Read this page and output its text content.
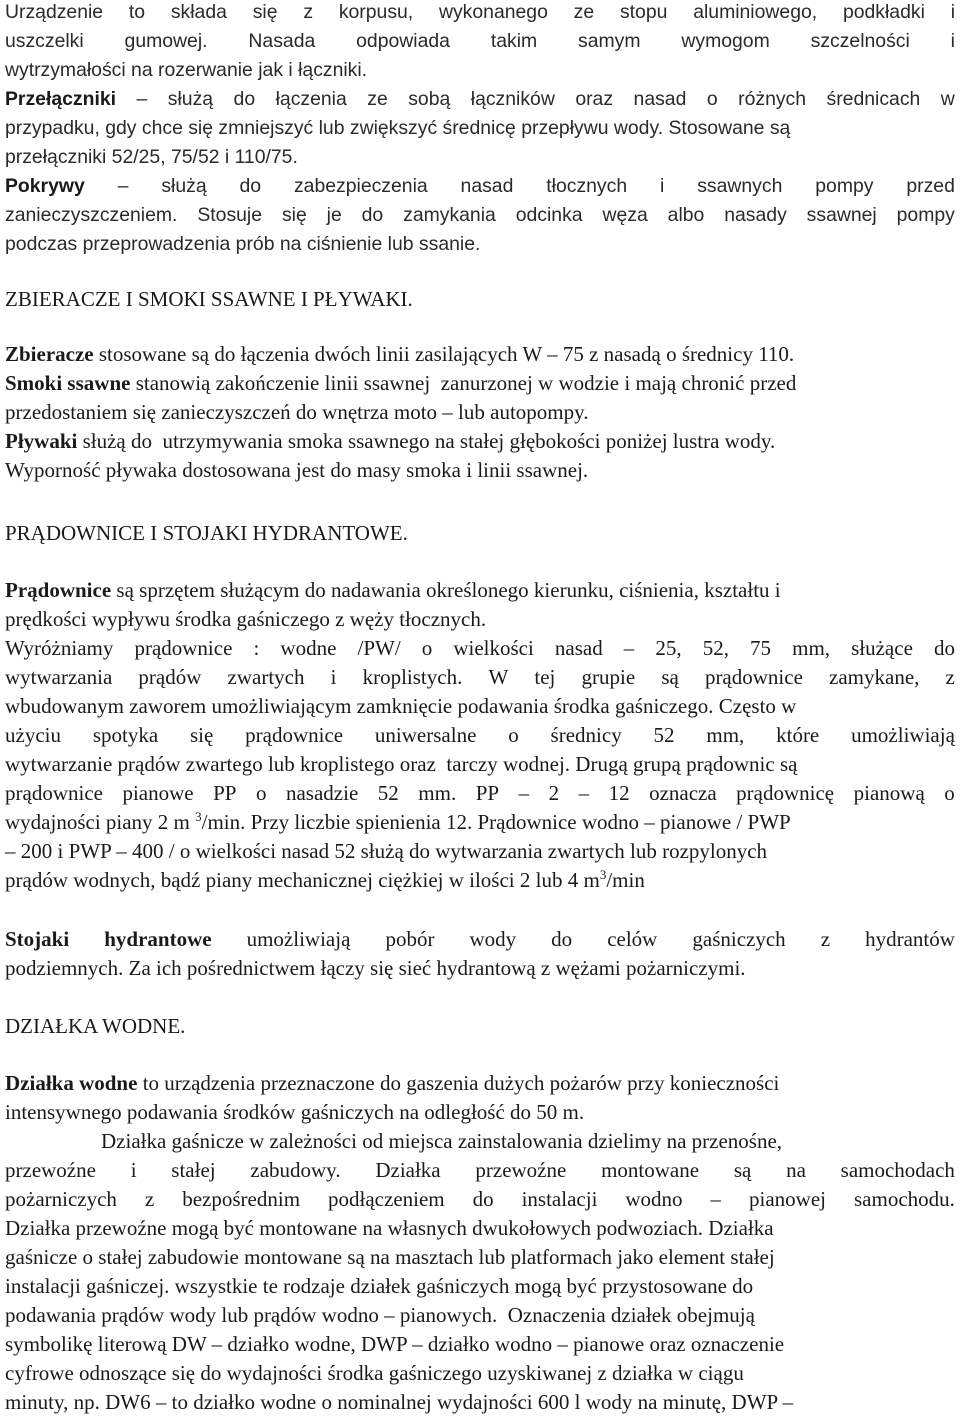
Urządzenie to składa się z korpusu, wykonanego ze stopu aluminiowego, podkładki i
uszczelki gumowej. Nasada odpowiada takim samym wymogom szczelności i
wytrzymałości na rozerwanie jak i łączniki.
Przełączniki – służą do łączenia ze sobą łączników oraz nasad o różnych średnicach w
przypadku, gdy chce się zmniejszyć lub zwiększyć średnicę przepływu wody. Stosowane są
przełączniki 52/25, 75/52 i 110/75.
Pokrywy – służą do zabezpieczenia nasad tłocznych i ssawnych pompy przed
zanieczyszczeniem. Stosuje się je do zamykania odcinka węza albo nasady ssawnej pompy
podczas przeprowadzenia prób na ciśnienie lub ssanie.
ZBIERACZE I SMOKI SSAWNE I PŁYWAKI.
Zbieracze stosowane są do łączenia dwóch linii zasilających W – 75 z nasadą o średnicy 110.
Smoki ssawne stanowią zakończenie linii ssawnej  zanurzonej w wodzie i mają chronić przed
przedostaniem się zanieczyszczeń do wnętrza moto – lub autopompy.
Pływaki służą do  utrzymywania smoka ssawnego na stałej głębokości poniżej lustra wody.
Wyporność pływaka dostosowana jest do masy smoka i linii ssawnej.
PRĄDOWNICE I STOJAKI HYDRANTOWE.
Prądownice są sprzętem służącym do nadawania określonego kierunku, ciśnienia, kształtu i
prędkości wypływu środka gaśniczego z węży tłocznych.
Wyróżniamy prądownice : wodne /PW/ o wielkości nasad – 25, 52, 75 mm, służące do
wytwarzania prądów zwartych i kroplistych. W tej grupie są prądownice zamykane, z
wbudowanym zaworem umożliwiającym zamknięcie podawania środka gaśniczego. Często w
użyciu spotyka się prądownice uniwersalne o średnicy 52 mm, które umożliwiają
wytwarzanie prądów zwartego lub kroplistego oraz  tarczy wodnej. Drugą grupą prądownic są
prądownice pianowe PP o nasadzie 52 mm. PP – 2 – 12 oznacza prądownicę pianową o
wydajności piany 2 m $^3$/min. Przy liczbie spienienia 12. Prądownice wodno – pianowe / PWP
– 200 i PWP – 400 / o wielkości nasad 52 służą do wytwarzania zwartych lub rozpylonych
prądów wodnych, bądź piany mechanicznej ciężkiej w ilości 2 lub 4 $m^3/\min$
Stojaki hydrantowe umożliwiają pobór wody do celów gaśniczych z hydrantów
podziemnych. Za ich pośrednictwem łączy się sieć hydrantową z wężami pożarniczymi.
DZIAŁKA WODNE.
Działka wodne to urządzenia przeznaczone do gaszenia dużych pożarów przy konieczności
intensywnego podawania środków gaśniczych na odległość do 50 m.
Działka gaśnicze w zależności od miejsca zainstalowania dzielimy na przenośne,
przewoźne i stałej zabudowy. Działka przewoźne montowane są na samochodach
pożarniczych z bezpośrednim podłączeniem do instalacji wodno – pianowej samochodu.
Działka przewoźne mogą być montowane na własnych dwukołowych podwoziach. Działka
gaśnicze o stałej zabudowie montowane są na masztach lub platformach jako element stałej
instalacji gaśniczej. wszystkie te rodzaje działek gaśniczych mogą być przystosowane do
podawania prądów wody lub prądów wodno – pianowych.  Oznaczenia działek obejmują
symbolikę literową DW – działko wodne, DWP – działko wodno – pianowe oraz oznaczenie
cyfrowe odnoszące się do wydajności środka gaśniczego uzyskiwanej z działka w ciągu
minuty, np. DW6 – to działko wodne o nominalnej wydajności 600 l wody na minutę, DWP –
